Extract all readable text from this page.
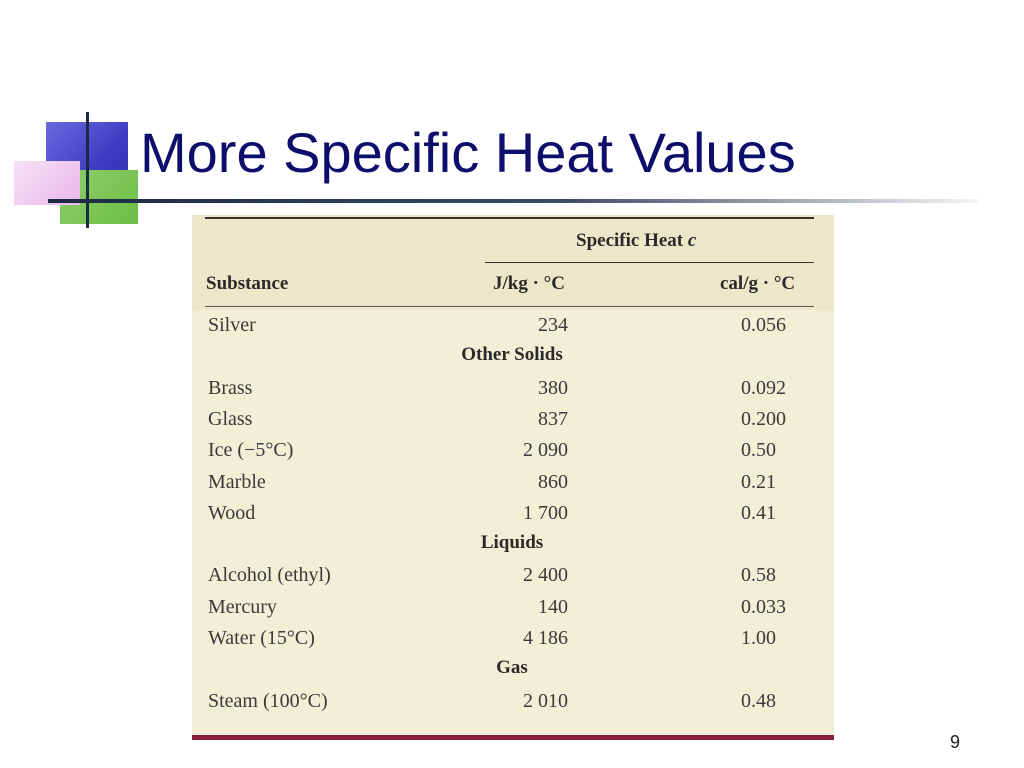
More Specific Heat Values
Specific Heat c
Substance	J/kg · °C	cal/g · °C
Silver	234	0.056
Other Solids
Brass	380	0.092
Glass	837	0.200
Ice (−5°C)	2 090	0.50
Marble	860	0.21
Wood	1 700	0.41
Liquids
Alcohol (ethyl)	2 400	0.58
Mercury	140	0.033
Water (15°C)	4 186	1.00
Gas
Steam (100°C)	2 010	0.48
9
